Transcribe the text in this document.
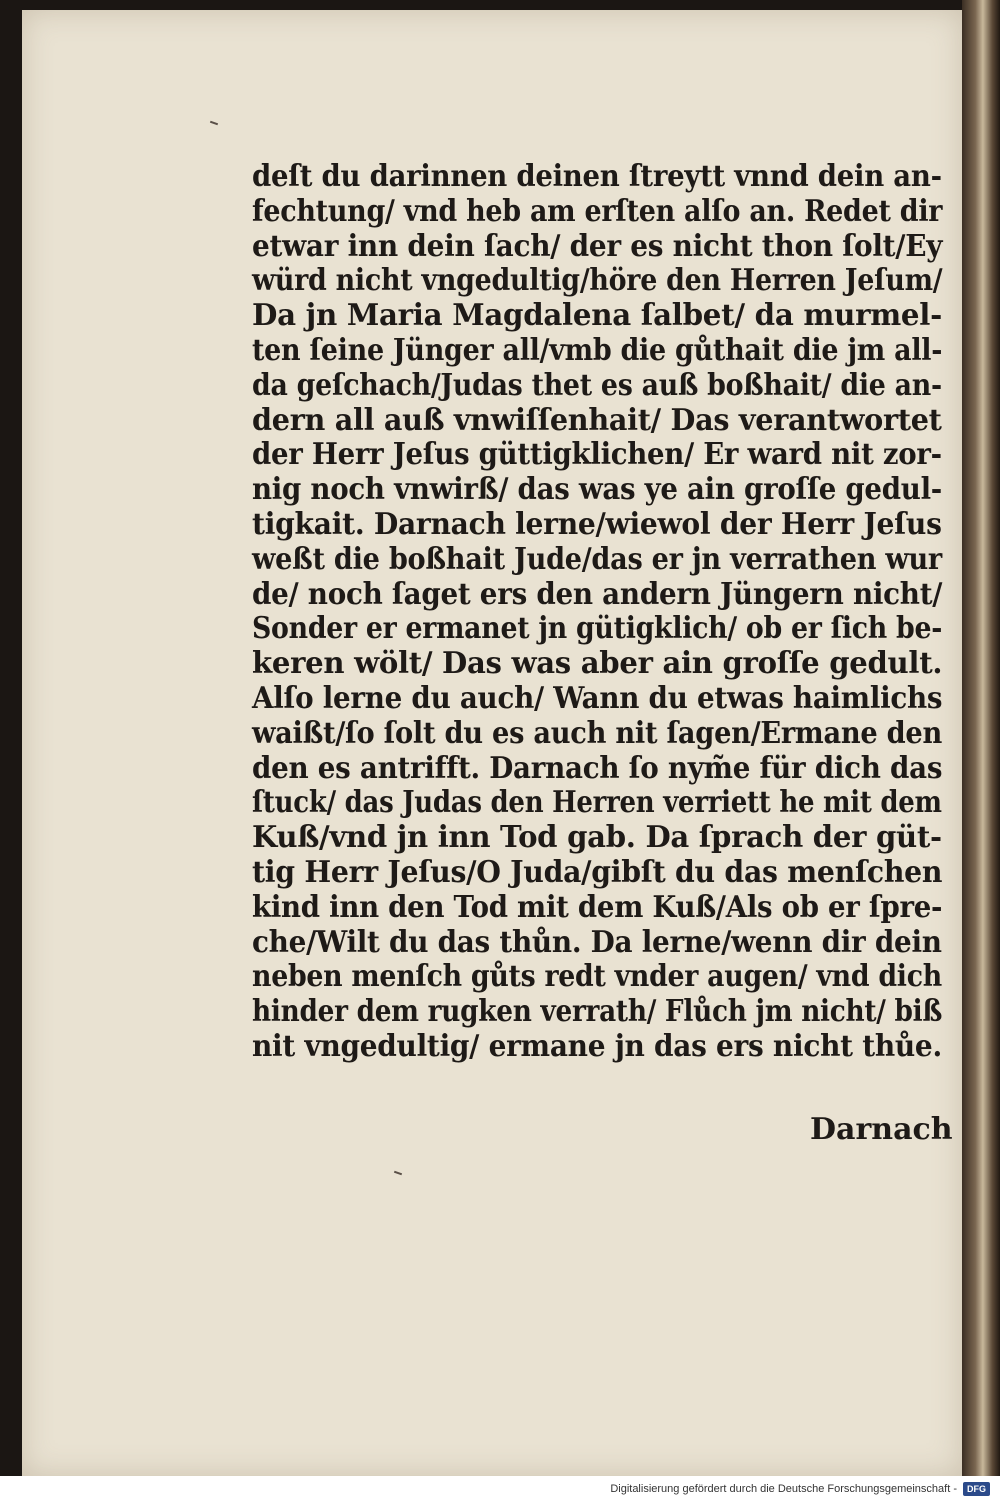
deſt du darinnen deinen ſtreytt vnnd dein an-
fechtung/ vnd heb am erſten alſo an. Redet dir
etwar inn dein ſach/ der es nicht thon ſolt/Ey
würd nicht vngedultig/höre den Herren Jeſum/
Da jn Maria Magdalena ſalbet/ da murmel-
ten ſeine Jünger all/vmb die gůthait die jm all-
da geſchach/Judas thet es auß boßhait/ die an-
dern all auß vnwiſſenhait/ Das verantwortet
der Herr Jeſus güttigklichen/ Er ward nit zor-
nig noch vnwirß/ das was ye ain groſſe gedul-
tigkait. Darnach lerne/wiewol der Herr Jeſus
weßt die boßhait Jude/das er jn verrathen wur
de/ noch ſaget ers den andern Jüngern nicht/
Sonder er ermanet jn gütigklich/ ob er ſich be-
keren wölt/ Das was aber ain groſſe gedult.
Alſo lerne du auch/ Wann du etwas haimlichs
waißt/ſo ſolt du es auch nit ſagen/Ermane den
den es antrifft. Darnach ſo nym̃e für dich das
ſtuck/ das Judas den Herren verriett he mit dem
Kuß/vnd jn inn Tod gab. Da ſprach der güt-
tig Herr Jeſus/O Juda/gibſt du das menſchen
kind inn den Tod mit dem Kuß/Als ob er ſpre-
che/Wilt du das thůn. Da lerne/wenn dir dein
neben menſch gůts redt vnder augen/ vnd dich
hinder dem rugken verrath/ Flůch jm nicht/ biß
nit vngedultig/ ermane jn das ers nicht thůe.
Darnach
Digitalisierung gefördert durch die Deutsche Forschungsgemeinschaft -	DFG
